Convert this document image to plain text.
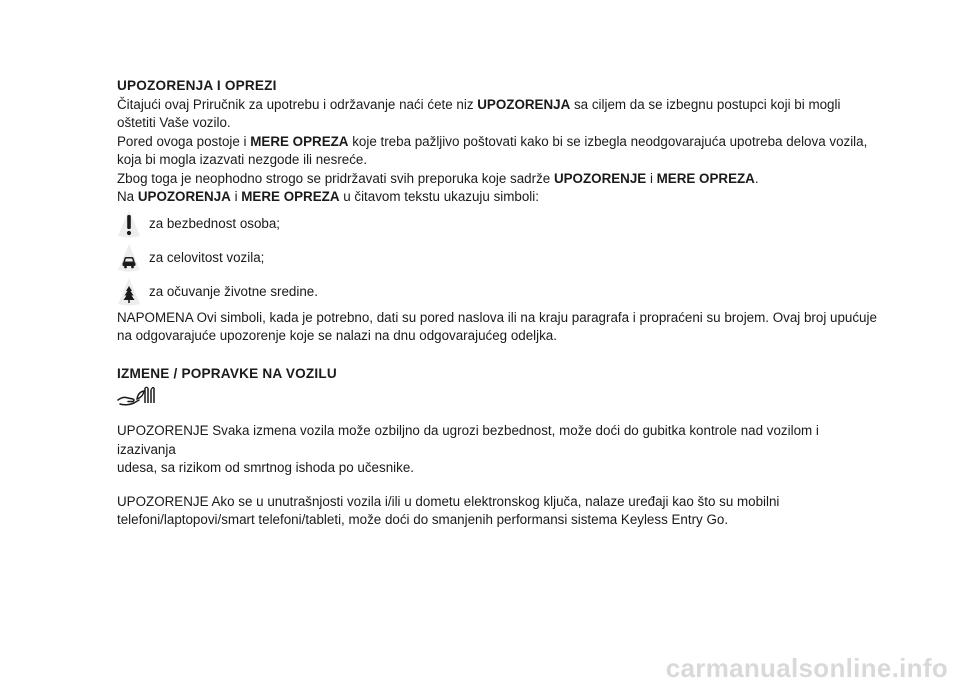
UPOZORENJA I OPREZI

Čitajući ovaj Priručnik za upotrebu i održavanje naći ćete niz UPOZORENJA sa ciljem da se izbegnu postupci koji bi mogli

oštetiti Vaše vozilo.

Pored ovoga postoje i MERE OPREZA koje treba pažljivo poštovati kako bi se izbegla neodgovarajuća upotreba delova vozila,

koja bi mogla izazvati nezgode ili nesreće.

Zbog toga je neophodno strogo se pridržavati svih preporuka koje sadrže UPOZORENJE i MERE OPREZA.

Na UPOZORENJA i MERE OPREZA u čitavom tekstu ukazuju simboli:

za bezbednost osoba;
za celovitost vozila;
za očuvanje životne sredine.

NAPOMENA Ovi simboli, kada je potrebno, dati su pored naslova ili na kraju paragrafa i propraćeni su brojem. Ovaj broj upućuje

na odgovarajuće upozorenje koje se nalazi na dnu odgovarajućeg odeljka.

IZMENE / POPRAVKE NA VOZILU

UPOZORENJE Svaka izmena vozila može ozbiljno da ugrozi bezbednost, može doći do gubitka kontrole nad vozilom i izazivanja

udesa, sa rizikom od smrtnog ishoda po učesnike.

UPOZORENJE Ako se u unutrašnjosti vozila i/ili u dometu elektronskog ključa, nalaze uređaji kao što su mobilni

telefoni/laptopovi/smart telefoni/tableti, može doći do smanjenih performansi sistema Keyless Entry Go.

carmanualsonline.info
